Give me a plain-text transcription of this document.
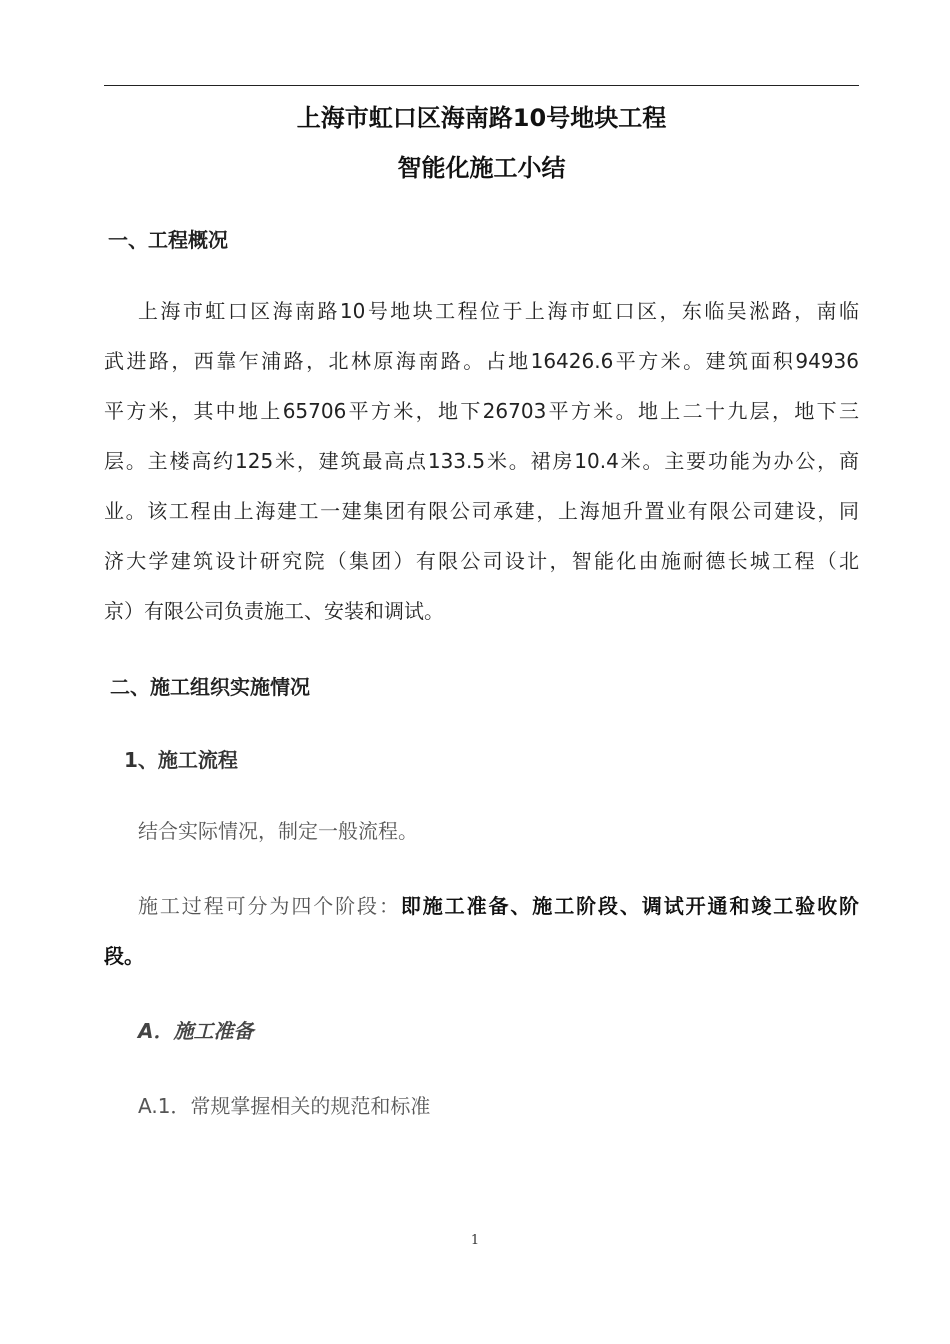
上海市虹口区海南路10号地块工程
智能化施工小结
一、工程概况
上海市虹口区海南路10号地块工程位于上海市虹口区，东临吴淞路，南临
武进路，西靠乍浦路，北林原海南路。占地16426.6平方米。建筑面积94936
平方米，其中地上65706平方米，地下26703平方米。地上二十九层，地下三
层。主楼高约125米，建筑最高点133.5米。裙房10.4米。主要功能为办公，商
业。该工程由上海建工一建集团有限公司承建，上海旭升置业有限公司建设，同
济大学建筑设计研究院（集团）有限公司设计，智能化由施耐德长城工程（北
京）有限公司负责施工、安装和调试。
二、施工组织实施情况
1、施工流程
结合实际情况，制定一般流程。
施工过程可分为四个阶段：即施工准备、施工阶段、调试开通和竣工验收阶
段。
A．施工准备
A.1．常规掌握相关的规范和标准
1
